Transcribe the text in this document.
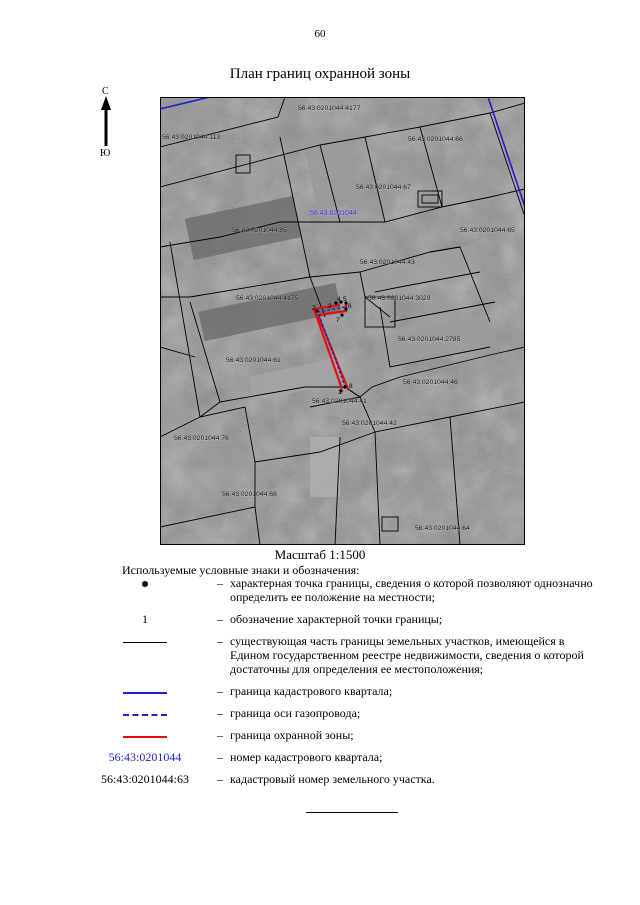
60
План границ охранной зоны
С
Ю
1
2 3
4 5
6
7
8
56:43:0201044:4177
56:43:0201044:113	56:43:0201044:66
56:43:0201044:67
56:43:0201044:85	56:43:0201044:65
56:43:0201044:43
56:43:0201044:4175	56:43:0201044:3029
56:43:0201044:2785
56:43:0201044:61
56:43:0201044:46
56:43:0201044:41
56:43:0201044:42
56:43:0201044:76
56:43:0201044:68
56:43:0201044:64
56:43:0201044
Масштаб 1:1500
Используемые условные знаки и обозначения:
– характерная точка границы, сведения о которой позволяют однозначно определить ее положение на местности;
1	– обозначение характерной точки границы;
– существующая часть границы земельных участков, имеющейся в Едином государственном реестре недвижимости, сведения о которой достаточны для определения ее местоположения;
– граница кадастрового квартала;
– граница оси газопровода;
– граница охранной зоны;
56:43:0201044	– номер кадастрового квартала;
56:43:0201044:63	– кадастровый номер земельного участка.
